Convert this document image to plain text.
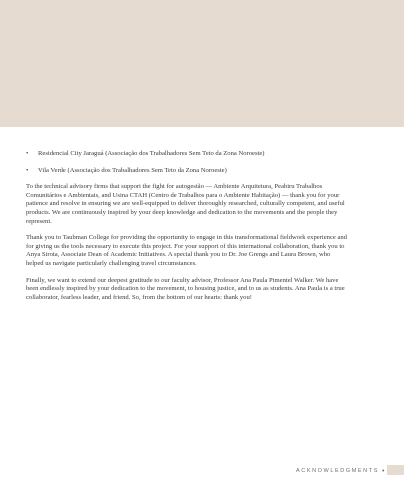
•	Residencial City Jaraguá (Associação dos Trabalhadores Sem Teto da Zona Noroeste)
•	Vila Verde (Associação dos Trabalhadores Sem Teto da Zona Noroeste)

To the technical advisory firms that support the fight for autogestão — Ambiente Arquitetura, Peabiru Trabalhos Comunitários e Ambientais, and Usina CTAH (Centro de Trabalhos para o Ambiente Habitação) — thank you for your patience and resolve in ensuring we are well-equipped to deliver thoroughly researched, culturally competent, and useful products. We are continuously inspired by your deep knowledge and dedication to the movements and the people they represent.

Thank you to Taubman College for providing the opportunity to engage in this transformational fieldwork experience and for giving us the tools necessary to execute this project. For your support of this international collaboration, thank you to Anya Sirota, Associate Dean of Academic Initiatives. A special thank you to Dr. Joe Grengs and Laura Brown, who helped us navigate particularly challenging travel circumstances.

Finally, we want to extend our deepest gratitude to our faculty advisor, Professor Ana Paula Pimentel Walker. We have been endlessly inspired by your dedication to the movement, to housing justice, and to us as students. Ana Paula is a true collaborator, fearless leader, and friend. So, from the bottom of our hearts: thank you!

ACKNOWLEDGMENTS •
